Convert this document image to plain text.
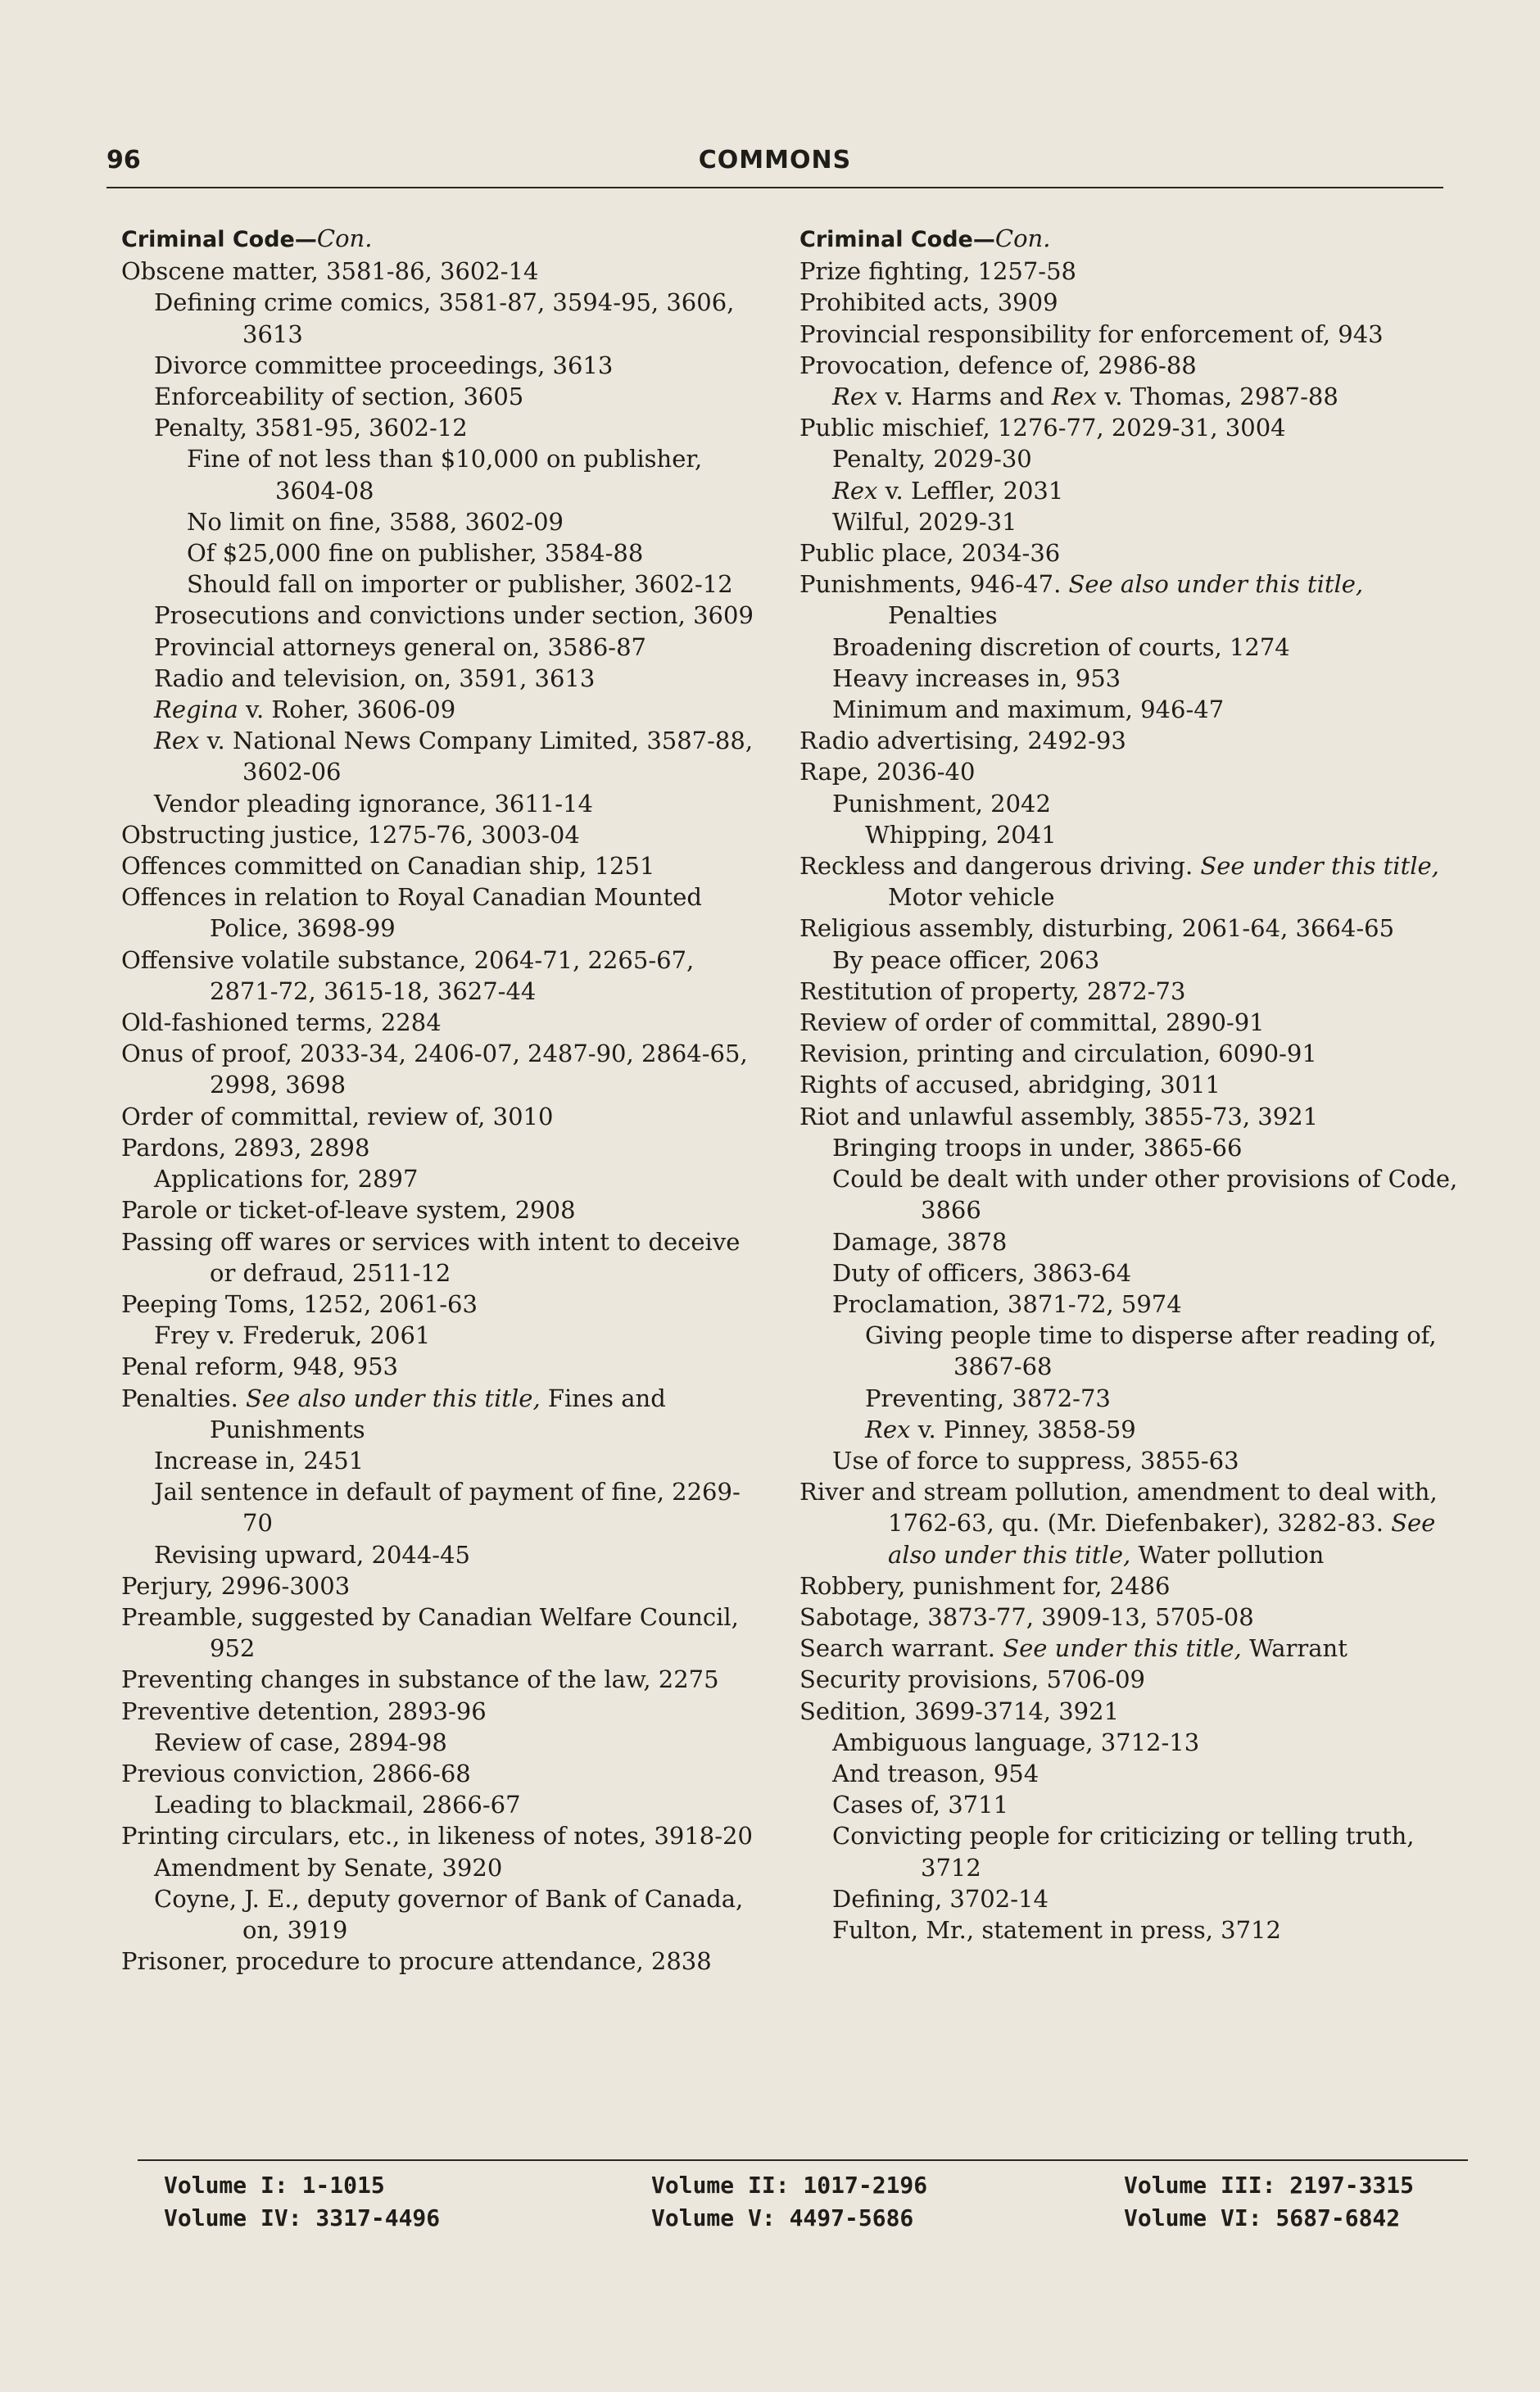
96	COMMONS
Criminal Code—Con.
Obscene matter, 3581-86, 3602-14
Defining crime comics, 3581-87, 3594-95, 3606, 3613
Divorce committee proceedings, 3613
Enforceability of section, 3605
Penalty, 3581-95, 3602-12
Fine of not less than $10,000 on publisher, 3604-08
No limit on fine, 3588, 3602-09
Of $25,000 fine on publisher, 3584-88
Should fall on importer or publisher, 3602-12
Prosecutions and convictions under section, 3609
Provincial attorneys general on, 3586-87
Radio and television, on, 3591, 3613
Regina v. Roher, 3606-09
Rex v. National News Company Limited, 3587-88, 3602-06
Vendor pleading ignorance, 3611-14
Obstructing justice, 1275-76, 3003-04
Offences committed on Canadian ship, 1251
Offences in relation to Royal Canadian Mounted Police, 3698-99
Offensive volatile substance, 2064-71, 2265-67, 2871-72, 3615-18, 3627-44
Old-fashioned terms, 2284
Onus of proof, 2033-34, 2406-07, 2487-90, 2864-65, 2998, 3698
Order of committal, review of, 3010
Pardons, 2893, 2898
Applications for, 2897
Parole or ticket-of-leave system, 2908
Passing off wares or services with intent to deceive or defraud, 2511-12
Peeping Toms, 1252, 2061-63
Frey v. Frederuk, 2061
Penal reform, 948, 953
Penalties. See also under this title, Fines and Punishments
Increase in, 2451
Jail sentence in default of payment of fine, 2269-70
Revising upward, 2044-45
Perjury, 2996-3003
Preamble, suggested by Canadian Welfare Council, 952
Preventing changes in substance of the law, 2275
Preventive detention, 2893-96
Review of case, 2894-98
Previous conviction, 2866-68
Leading to blackmail, 2866-67
Printing circulars, etc., in likeness of notes, 3918-20
Amendment by Senate, 3920
Coyne, J. E., deputy governor of Bank of Canada, on, 3919
Prisoner, procedure to procure attendance, 2838
Criminal Code—Con.
Prize fighting, 1257-58
Prohibited acts, 3909
Provincial responsibility for enforcement of, 943
Provocation, defence of, 2986-88
Rex v. Harms and Rex v. Thomas, 2987-88
Public mischief, 1276-77, 2029-31, 3004
Penalty, 2029-30
Rex v. Leffler, 2031
Wilful, 2029-31
Public place, 2034-36
Punishments, 946-47. See also under this title, Penalties
Broadening discretion of courts, 1274
Heavy increases in, 953
Minimum and maximum, 946-47
Radio advertising, 2492-93
Rape, 2036-40
Punishment, 2042
Whipping, 2041
Reckless and dangerous driving. See under this title, Motor vehicle
Religious assembly, disturbing, 2061-64, 3664-65
By peace officer, 2063
Restitution of property, 2872-73
Review of order of committal, 2890-91
Revision, printing and circulation, 6090-91
Rights of accused, abridging, 3011
Riot and unlawful assembly, 3855-73, 3921
Bringing troops in under, 3865-66
Could be dealt with under other provisions of Code, 3866
Damage, 3878
Duty of officers, 3863-64
Proclamation, 3871-72, 5974
Giving people time to disperse after reading of, 3867-68
Preventing, 3872-73
Rex v. Pinney, 3858-59
Use of force to suppress, 3855-63
River and stream pollution, amendment to deal with, 1762-63, qu. (Mr. Diefenbaker), 3282-83. See also under this title, Water pollution
Robbery, punishment for, 2486
Sabotage, 3873-77, 3909-13, 5705-08
Search warrant. See under this title, Warrant
Security provisions, 5706-09
Sedition, 3699-3714, 3921
Ambiguous language, 3712-13
And treason, 954
Cases of, 3711
Convicting people for criticizing or telling truth, 3712
Defining, 3702-14
Fulton, Mr., statement in press, 3712
Volume I: 1-1015	Volume II: 1017-2196	Volume III: 2197-3315
Volume IV: 3317-4496	Volume V: 4497-5686	Volume VI: 5687-6842
